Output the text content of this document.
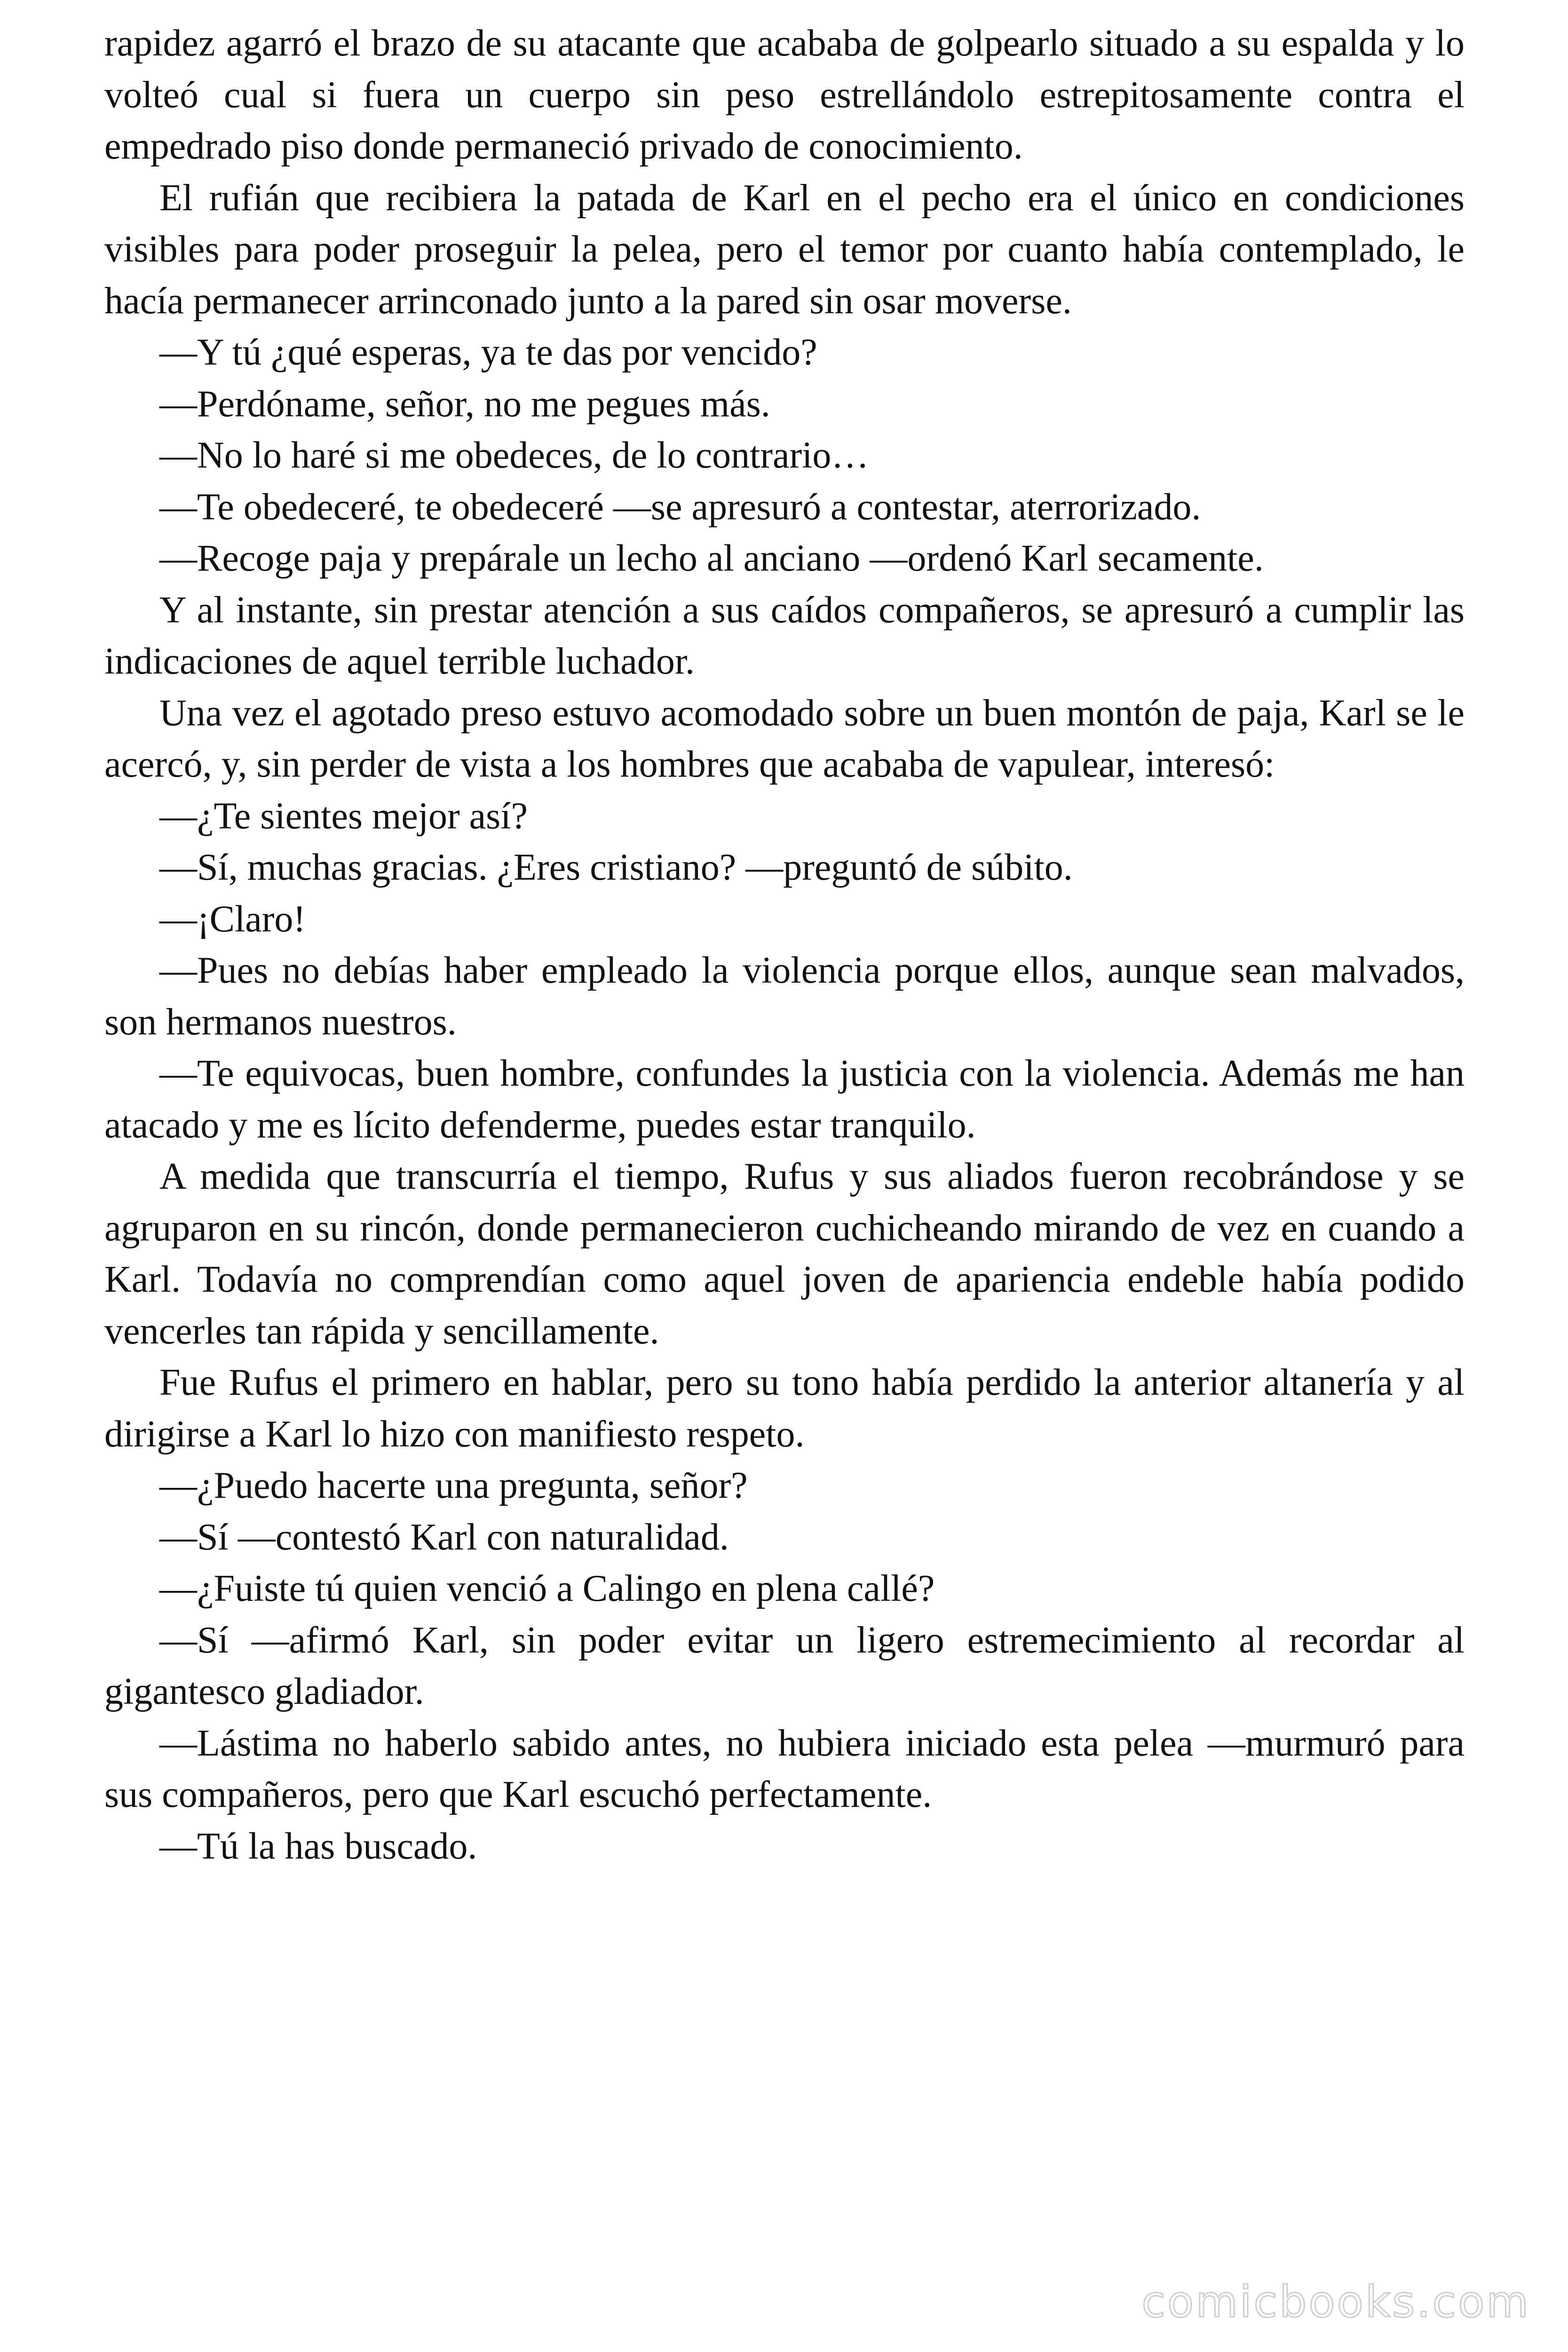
rapidez agarró el brazo de su atacante que acababa de golpearlo situado a su espalda y lo volteó cual si fuera un cuerpo sin peso estrellándolo estrepitosamente contra el empedrado piso donde permaneció privado de conocimiento.

El rufián que recibiera la patada de Karl en el pecho era el único en condiciones visibles para poder proseguir la pelea, pero el temor por cuanto había contemplado, le hacía permanecer arrinconado junto a la pared sin osar moverse.

—Y tú ¿qué esperas, ya te das por vencido?

—Perdóname, señor, no me pegues más.

—No lo haré si me obedeces, de lo contrario…

—Te obedeceré, te obedeceré —se apresuró a contestar, aterrorizado.

—Recoge paja y prepárale un lecho al anciano —ordenó Karl secamente.

Y al instante, sin prestar atención a sus caídos compañeros, se apresuró a cumplir las indicaciones de aquel terrible luchador.

Una vez el agotado preso estuvo acomodado sobre un buen montón de paja, Karl se le acercó, y, sin perder de vista a los hombres que acababa de vapulear, interesó:

—¿Te sientes mejor así?

—Sí, muchas gracias. ¿Eres cristiano? —preguntó de súbito.

—¡Claro!

—Pues no debías haber empleado la violencia porque ellos, aunque sean malvados, son hermanos nuestros.

—Te equivocas, buen hombre, confundes la justicia con la violencia. Además me han atacado y me es lícito defenderme, puedes estar tranquilo.

A medida que transcurría el tiempo, Rufus y sus aliados fueron recobrándose y se agruparon en su rincón, donde permanecieron cuchicheando mirando de vez en cuando a Karl. Todavía no comprendían como aquel joven de apariencia endeble había podido vencerles tan rápida y sencillamente.

Fue Rufus el primero en hablar, pero su tono había perdido la anterior altanería y al dirigirse a Karl lo hizo con manifiesto respeto.

—¿Puedo hacerte una pregunta, señor?

—Sí —contestó Karl con naturalidad.

—¿Fuiste tú quien venció a Calingo en plena callé?

—Sí —afirmó Karl, sin poder evitar un ligero estremecimiento al recordar al gigantesco gladiador.

—Lástima no haberlo sabido antes, no hubiera iniciado esta pelea —murmuró para sus compañeros, pero que Karl escuchó perfectamente.

—Tú la has buscado.

comicbooks.com
